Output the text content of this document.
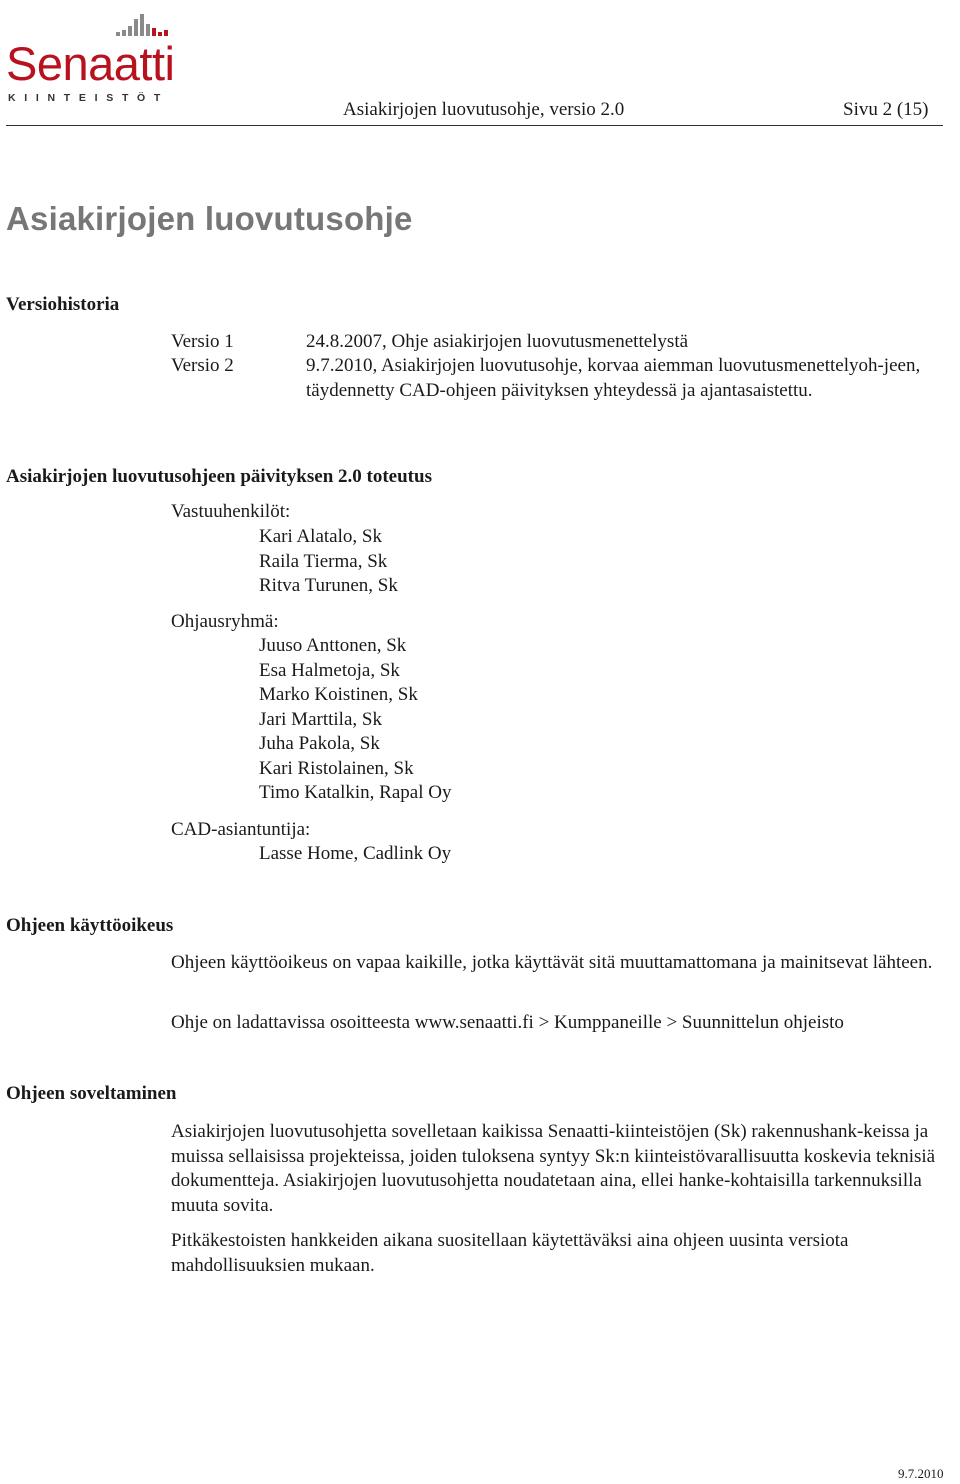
Senaatti
KIINTEISTÖT
Asiakirjojen luovutusohje, versio 2.0	Sivu 2 (15)
Asiakirjojen luovutusohje
Versiohistoria
Versio 1	24.8.2007, Ohje asiakirjojen luovutusmenettelystä
Versio 2	9.7.2010, Asiakirjojen luovutusohje, korvaa aiemman luovutusmenettelyoh-jeen, täydennetty CAD-ohjeen päivityksen yhteydessä ja ajantasaistettu.
Asiakirjojen luovutusohjeen päivityksen 2.0 toteutus
Vastuuhenkilöt:
Kari Alatalo, Sk
Raila Tierma, Sk
Ritva Turunen, Sk
Ohjausryhmä:
Juuso Anttonen, Sk
Esa Halmetoja, Sk
Marko Koistinen, Sk
Jari Marttila, Sk
Juha Pakola, Sk
Kari Ristolainen, Sk
Timo Katalkin, Rapal Oy
CAD-asiantuntija:
Lasse Home, Cadlink Oy
Ohjeen käyttöoikeus
Ohjeen käyttöoikeus on vapaa kaikille, jotka käyttävät sitä muuttamattomana ja mainitsevat lähteen.
Ohje on ladattavissa osoitteesta www.senaatti.fi > Kumppaneille > Suunnittelun ohjeisto
Ohjeen soveltaminen
Asiakirjojen luovutusohjetta sovelletaan kaikissa Senaatti-kiinteistöjen (Sk) rakennushank-keissa ja muissa sellaisissa projekteissa, joiden tuloksena syntyy Sk:n kiinteistövarallisuutta koskevia teknisiä dokumentteja. Asiakirjojen luovutusohjetta noudatetaan aina, ellei hanke-kohtaisilla tarkennuksilla muuta sovita.
Pitkäkestoisten hankkeiden aikana suositellaan käytettäväksi aina ohjeen uusinta versiota mahdollisuuksien mukaan.
9.7.2010
